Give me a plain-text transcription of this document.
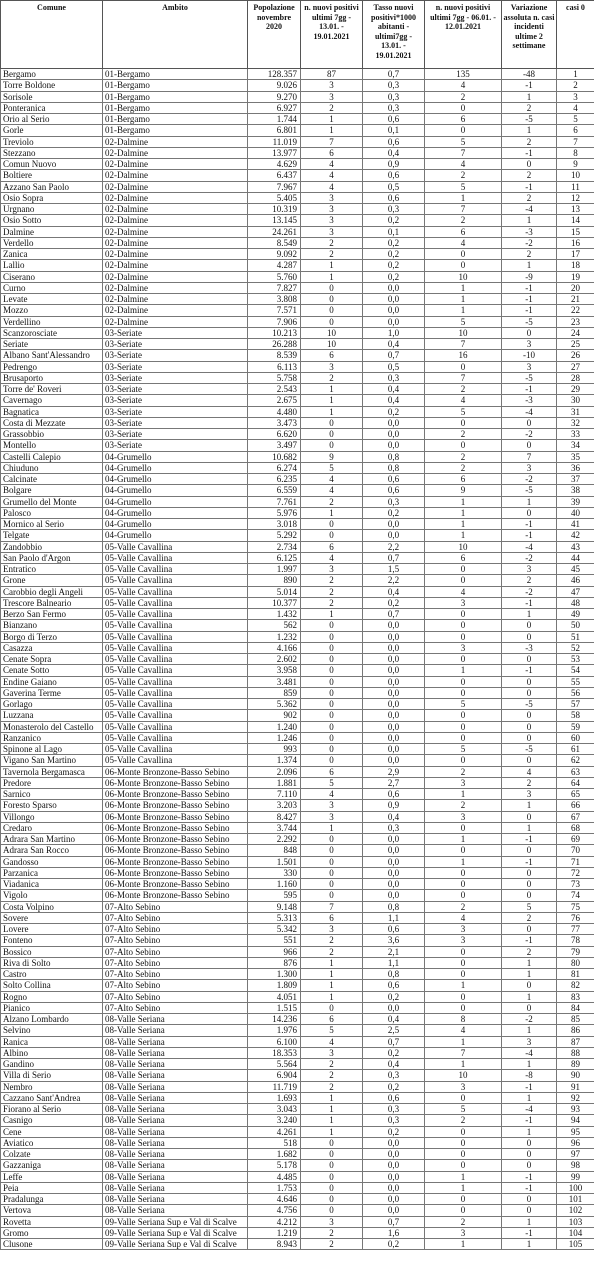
Comune	Ambito	Popolazione novembre 2020	n. nuovi positivi ultimi 7gg - 13.01. - 19.01.2021	Tasso nuovi positivi*1000 abitanti - ultimi7gg - 13.01. - 19.01.2021	n. nuovi positivi ultimi 7gg - 06.01. - 12.01.2021	Variazione assoluta n. casi incidenti ultime 2 settimane	casi 0
Bergamo	01-Bergamo	128.357	87	0,7	135	-48	1
Torre Boldone	01-Bergamo	9.026	3	0,3	4	-1	2
Sorisole	01-Bergamo	9.270	3	0,3	2	1	3
Ponteranica	01-Bergamo	6.927	2	0,3	0	2	4
Orio al Serio	01-Bergamo	1.744	1	0,6	6	-5	5
Gorle	01-Bergamo	6.801	1	0,1	0	1	6
Treviolo	02-Dalmine	11.019	7	0,6	5	2	7
Stezzano	02-Dalmine	13.977	6	0,4	7	-1	8
Comun Nuovo	02-Dalmine	4.629	4	0,9	4	0	9
Boltiere	02-Dalmine	6.437	4	0,6	2	2	10
Azzano San Paolo	02-Dalmine	7.967	4	0,5	5	-1	11
Osio Sopra	02-Dalmine	5.405	3	0,6	1	2	12
Urgnano	02-Dalmine	10.319	3	0,3	7	-4	13
Osio Sotto	02-Dalmine	13.145	3	0,2	2	1	14
Dalmine	02-Dalmine	24.261	3	0,1	6	-3	15
Verdello	02-Dalmine	8.549	2	0,2	4	-2	16
Zanica	02-Dalmine	9.092	2	0,2	0	2	17
Lallio	02-Dalmine	4.287	1	0,2	0	1	18
Ciserano	02-Dalmine	5.760	1	0,2	10	-9	19
Curno	02-Dalmine	7.827	0	0,0	1	-1	20
Levate	02-Dalmine	3.808	0	0,0	1	-1	21
Mozzo	02-Dalmine	7.571	0	0,0	1	-1	22
Verdellino	02-Dalmine	7.906	0	0,0	5	-5	23
Scanzorosciate	03-Seriate	10.213	10	1,0	10	0	24
Seriate	03-Seriate	26.288	10	0,4	7	3	25
Albano Sant'Alessandro	03-Seriate	8.539	6	0,7	16	-10	26
Pedrengo	03-Seriate	6.113	3	0,5	0	3	27
Brusaporto	03-Seriate	5.758	2	0,3	7	-5	28
Torre de' Roveri	03-Seriate	2.543	1	0,4	2	-1	29
Cavernago	03-Seriate	2.675	1	0,4	4	-3	30
Bagnatica	03-Seriate	4.480	1	0,2	5	-4	31
Costa di Mezzate	03-Seriate	3.473	0	0,0	0	0	32
Grassobbio	03-Seriate	6.620	0	0,0	2	-2	33
Montello	03-Seriate	3.497	0	0,0	0	0	34
Castelli Calepio	04-Grumello	10.682	9	0,8	2	7	35
Chiuduno	04-Grumello	6.274	5	0,8	2	3	36
Calcinate	04-Grumello	6.235	4	0,6	6	-2	37
Bolgare	04-Grumello	6.559	4	0,6	9	-5	38
Grumello del Monte	04-Grumello	7.761	2	0,3	1	1	39
Palosco	04-Grumello	5.976	1	0,2	1	0	40
Mornico al Serio	04-Grumello	3.018	0	0,0	1	-1	41
Telgate	04-Grumello	5.292	0	0,0	1	-1	42
Zandobbio	05-Valle Cavallina	2.734	6	2,2	10	-4	43
San Paolo d'Argon	05-Valle Cavallina	6.125	4	0,7	6	-2	44
Entratico	05-Valle Cavallina	1.997	3	1,5	0	3	45
Grone	05-Valle Cavallina	890	2	2,2	0	2	46
Carobbio degli Angeli	05-Valle Cavallina	5.014	2	0,4	4	-2	47
Trescore Balneario	05-Valle Cavallina	10.377	2	0,2	3	-1	48
Berzo San Fermo	05-Valle Cavallina	1.432	1	0,7	0	1	49
Bianzano	05-Valle Cavallina	562	0	0,0	0	0	50
Borgo di Terzo	05-Valle Cavallina	1.232	0	0,0	0	0	51
Casazza	05-Valle Cavallina	4.166	0	0,0	3	-3	52
Cenate Sopra	05-Valle Cavallina	2.602	0	0,0	0	0	53
Cenate Sotto	05-Valle Cavallina	3.958	0	0,0	1	-1	54
Endine Gaiano	05-Valle Cavallina	3.481	0	0,0	0	0	55
Gaverina Terme	05-Valle Cavallina	859	0	0,0	0	0	56
Gorlago	05-Valle Cavallina	5.362	0	0,0	5	-5	57
Luzzana	05-Valle Cavallina	902	0	0,0	0	0	58
Monasterolo del Castello	05-Valle Cavallina	1.240	0	0,0	0	0	59
Ranzanico	05-Valle Cavallina	1.246	0	0,0	0	0	60
Spinone al Lago	05-Valle Cavallina	993	0	0,0	5	-5	61
Vigano San Martino	05-Valle Cavallina	1.374	0	0,0	0	0	62
Tavernola Bergamasca	06-Monte Bronzone-Basso Sebino	2.096	6	2,9	2	4	63
Predore	06-Monte Bronzone-Basso Sebino	1.881	5	2,7	3	2	64
Sarnico	06-Monte Bronzone-Basso Sebino	7.110	4	0,6	1	3	65
Foresto Sparso	06-Monte Bronzone-Basso Sebino	3.203	3	0,9	2	1	66
Villongo	06-Monte Bronzone-Basso Sebino	8.427	3	0,4	3	0	67
Credaro	06-Monte Bronzone-Basso Sebino	3.744	1	0,3	0	1	68
Adrara San Martino	06-Monte Bronzone-Basso Sebino	2.292	0	0,0	1	-1	69
Adrara San Rocco	06-Monte Bronzone-Basso Sebino	848	0	0,0	0	0	70
Gandosso	06-Monte Bronzone-Basso Sebino	1.501	0	0,0	1	-1	71
Parzanica	06-Monte Bronzone-Basso Sebino	330	0	0,0	0	0	72
Viadanica	06-Monte Bronzone-Basso Sebino	1.160	0	0,0	0	0	73
Vigolo	06-Monte Bronzone-Basso Sebino	595	0	0,0	0	0	74
Costa Volpino	07-Alto Sebino	9.148	7	0,8	2	5	75
Sovere	07-Alto Sebino	5.313	6	1,1	4	2	76
Lovere	07-Alto Sebino	5.342	3	0,6	3	0	77
Fonteno	07-Alto Sebino	551	2	3,6	3	-1	78
Bossico	07-Alto Sebino	966	2	2,1	0	2	79
Riva di Solto	07-Alto Sebino	876	1	1,1	0	1	80
Castro	07-Alto Sebino	1.300	1	0,8	0	1	81
Solto Collina	07-Alto Sebino	1.809	1	0,6	1	0	82
Rogno	07-Alto Sebino	4.051	1	0,2	0	1	83
Pianico	07-Alto Sebino	1.515	0	0,0	0	0	84
Alzano Lombardo	08-Valle Seriana	14.236	6	0,4	8	-2	85
Selvino	08-Valle Seriana	1.976	5	2,5	4	1	86
Ranica	08-Valle Seriana	6.100	4	0,7	1	3	87
Albino	08-Valle Seriana	18.353	3	0,2	7	-4	88
Gandino	08-Valle Seriana	5.564	2	0,4	1	1	89
Villa di Serio	08-Valle Seriana	6.904	2	0,3	10	-8	90
Nembro	08-Valle Seriana	11.719	2	0,2	3	-1	91
Cazzano Sant'Andrea	08-Valle Seriana	1.693	1	0,6	0	1	92
Fiorano al Serio	08-Valle Seriana	3.043	1	0,3	5	-4	93
Casnigo	08-Valle Seriana	3.240	1	0,3	2	-1	94
Cene	08-Valle Seriana	4.261	1	0,2	0	1	95
Aviatico	08-Valle Seriana	518	0	0,0	0	0	96
Colzate	08-Valle Seriana	1.682	0	0,0	0	0	97
Gazzaniga	08-Valle Seriana	5.178	0	0,0	0	0	98
Leffe	08-Valle Seriana	4.485	0	0,0	1	-1	99
Peia	08-Valle Seriana	1.753	0	0,0	1	-1	100
Pradalunga	08-Valle Seriana	4.646	0	0,0	0	0	101
Vertova	08-Valle Seriana	4.756	0	0,0	0	0	102
Rovetta	09-Valle Seriana Sup e Val di Scalve	4.212	3	0,7	2	1	103
Gromo	09-Valle Seriana Sup e Val di Scalve	1.219	2	1,6	3	-1	104
Clusone	09-Valle Seriana Sup e Val di Scalve	8.943	2	0,2	1	1	105
